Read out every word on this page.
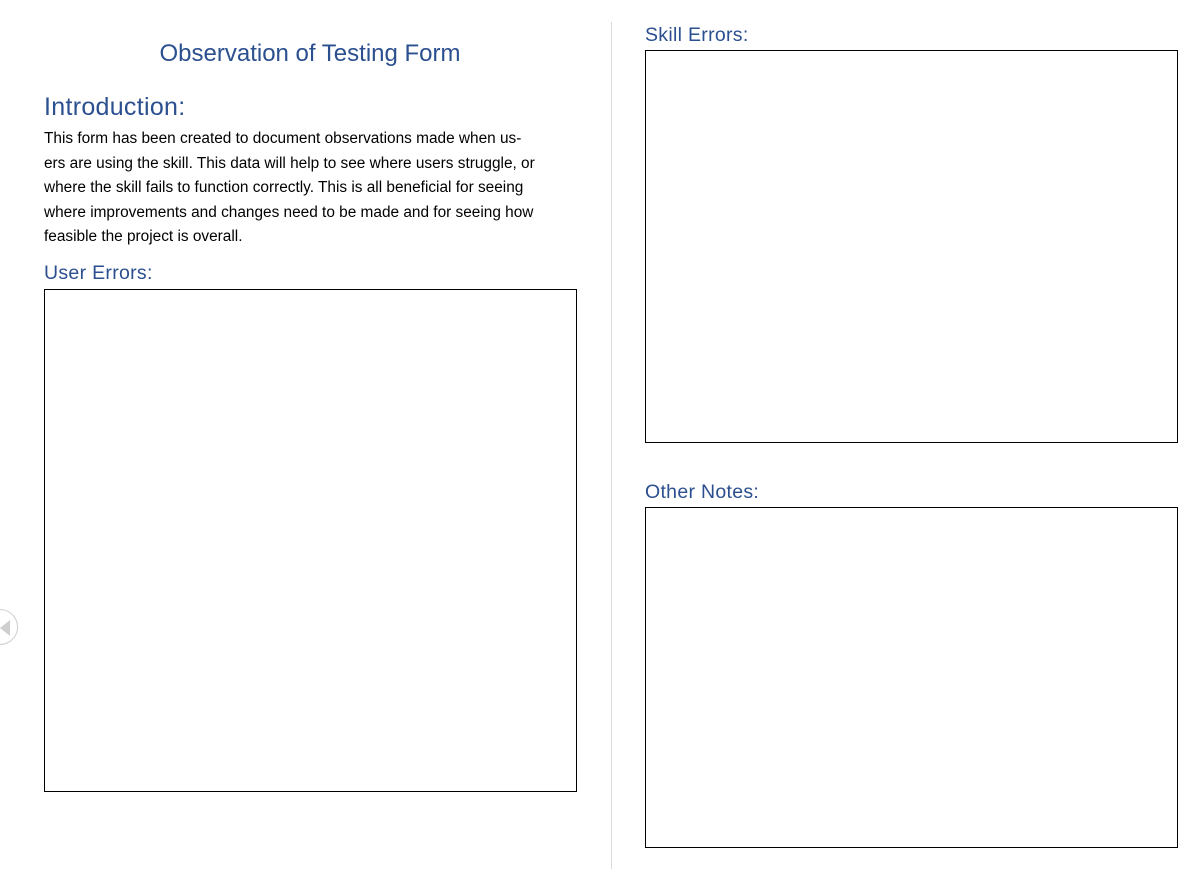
Observation of Testing Form
Introduction:

This form has been created to document observations made when us-
ers are using the skill. This data will help to see where users struggle, or
where the skill fails to function correctly. This is all beneficial for seeing
where improvements and changes need to be made and for seeing how
feasible the project is overall.

User Errors:
Skill Errors:
Other Notes:
